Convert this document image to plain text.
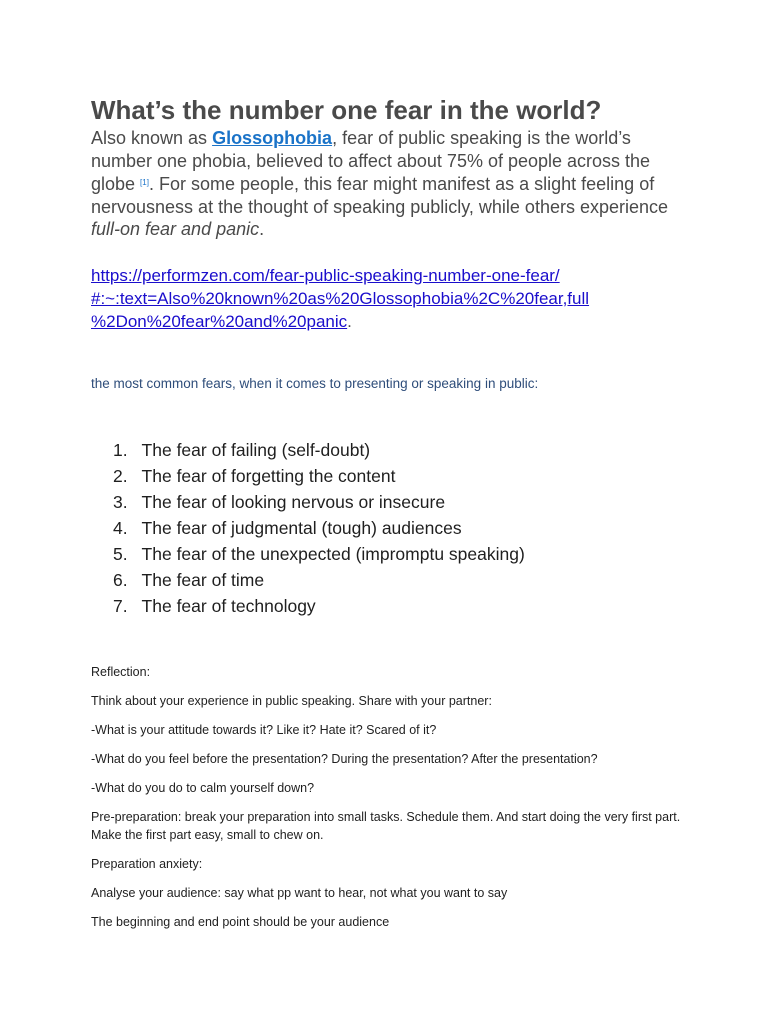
What’s the number one fear in the world?

Also known as Glossophobia, fear of public speaking is the world’s number one phobia, believed to affect about 75% of people across the globe [1]. For some people, this fear might manifest as a slight feeling of nervousness at the thought of speaking publicly, while others experience full-on fear and panic.

https://performzen.com/fear-public-speaking-number-one-fear/
#:~:text=Also%20known%20as%20Glossophobia%2C%20fear,full
%2Don%20fear%20and%20panic.

the most common fears, when it comes to presenting or speaking in public:

1. The fear of failing (self-doubt)
2. The fear of forgetting the content
3. The fear of looking nervous or insecure
4. The fear of judgmental (tough) audiences
5. The fear of the unexpected (impromptu speaking)
6. The fear of time
7. The fear of technology

Reflection:

Think about your experience in public speaking. Share with your partner:

-What is your attitude towards it? Like it? Hate it? Scared of it?

-What do you feel before the presentation? During the presentation? After the presentation?

-What do you do to calm yourself down?

Pre-preparation: break your preparation into small tasks. Schedule them. And start doing the very first part. Make the first part easy, small to chew on.

Preparation anxiety:

Analyse your audience: say what pp want to hear, not what you want to say

The beginning and end point should be your audience
